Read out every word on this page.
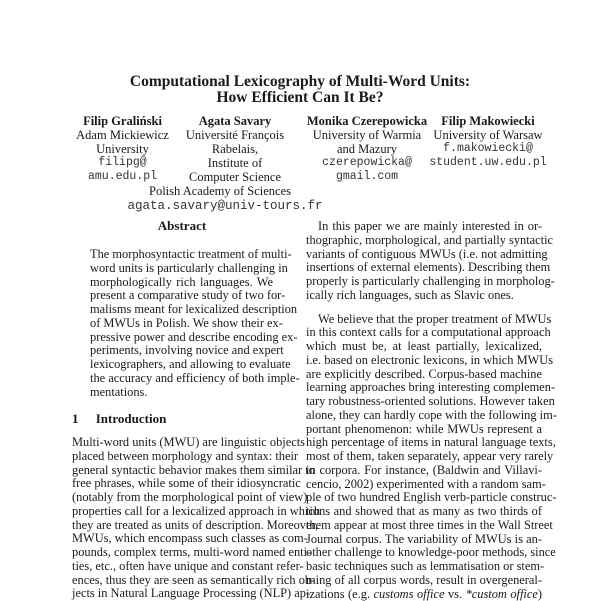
Computational Lexicography of Multi-Word Units:
How Efficient Can It Be?
Filip Graliński
Adam Mickiewicz
University
filipg@
amu.edu.pl
Agata Savary
Université François
Rabelais,
Institute of
Computer Science
Polish Academy of Sciences
agata.savary@univ-tours.fr
Monika Czerepowicka
University of Warmia
and Mazury
czerepowicka@
gmail.com
Filip Makowiecki
University of Warsaw
f.makowiecki@
student.uw.edu.pl
Abstract
The morphosyntactic treatment of multi-
word units is particularly challenging in
morphologically rich languages. We
present a comparative study of two for-
malisms meant for lexicalized description
of MWUs in Polish. We show their ex-
pressive power and describe encoding ex-
periments, involving novice and expert
lexicographers, and allowing to evaluate
the accuracy and efficiency of both imple-
mentations.
1 Introduction
Multi-word units (MWU) are linguistic objects
placed between morphology and syntax: their
general syntactic behavior makes them similar to
free phrases, while some of their idiosyncratic
(notably from the morphological point of view)
properties call for a lexicalized approach in which
they are treated as units of description. Moreover,
MWUs, which encompass such classes as com-
pounds, complex terms, multi-word named enti-
ties, etc., often have unique and constant refer-
ences, thus they are seen as semantically rich ob-
jects in Natural Language Processing (NLP) ap-
In this paper we are mainly interested in or-
thographic, morphological, and partially syntactic
variants of contiguous MWUs (i.e. not admitting
insertions of external elements). Describing them
properly is particularly challenging in morpholog-
ically rich languages, such as Slavic ones.
We believe that the proper treatment of MWUs
in this context calls for a computational approach
which must be, at least partially, lexicalized,
i.e. based on electronic lexicons, in which MWUs
are explicitly described. Corpus-based machine
learning approaches bring interesting complemen-
tary robustness-oriented solutions. However taken
alone, they can hardly cope with the following im-
portant phenomenon: while MWUs represent a
high percentage of items in natural language texts,
most of them, taken separately, appear very rarely
in corpora. For instance, (Baldwin and Villavi-
cencio, 2002) experimented with a random sam-
ple of two hundred English verb-particle construc-
tions and showed that as many as two thirds of
them appear at most three times in the Wall Street
Journal corpus. The variability of MWUs is an-
other challenge to knowledge-poor methods, since
basic techniques such as lemmatisation or stem-
ming of all corpus words, result in overgeneral-
izations (e.g. customs office vs. *custom office)
